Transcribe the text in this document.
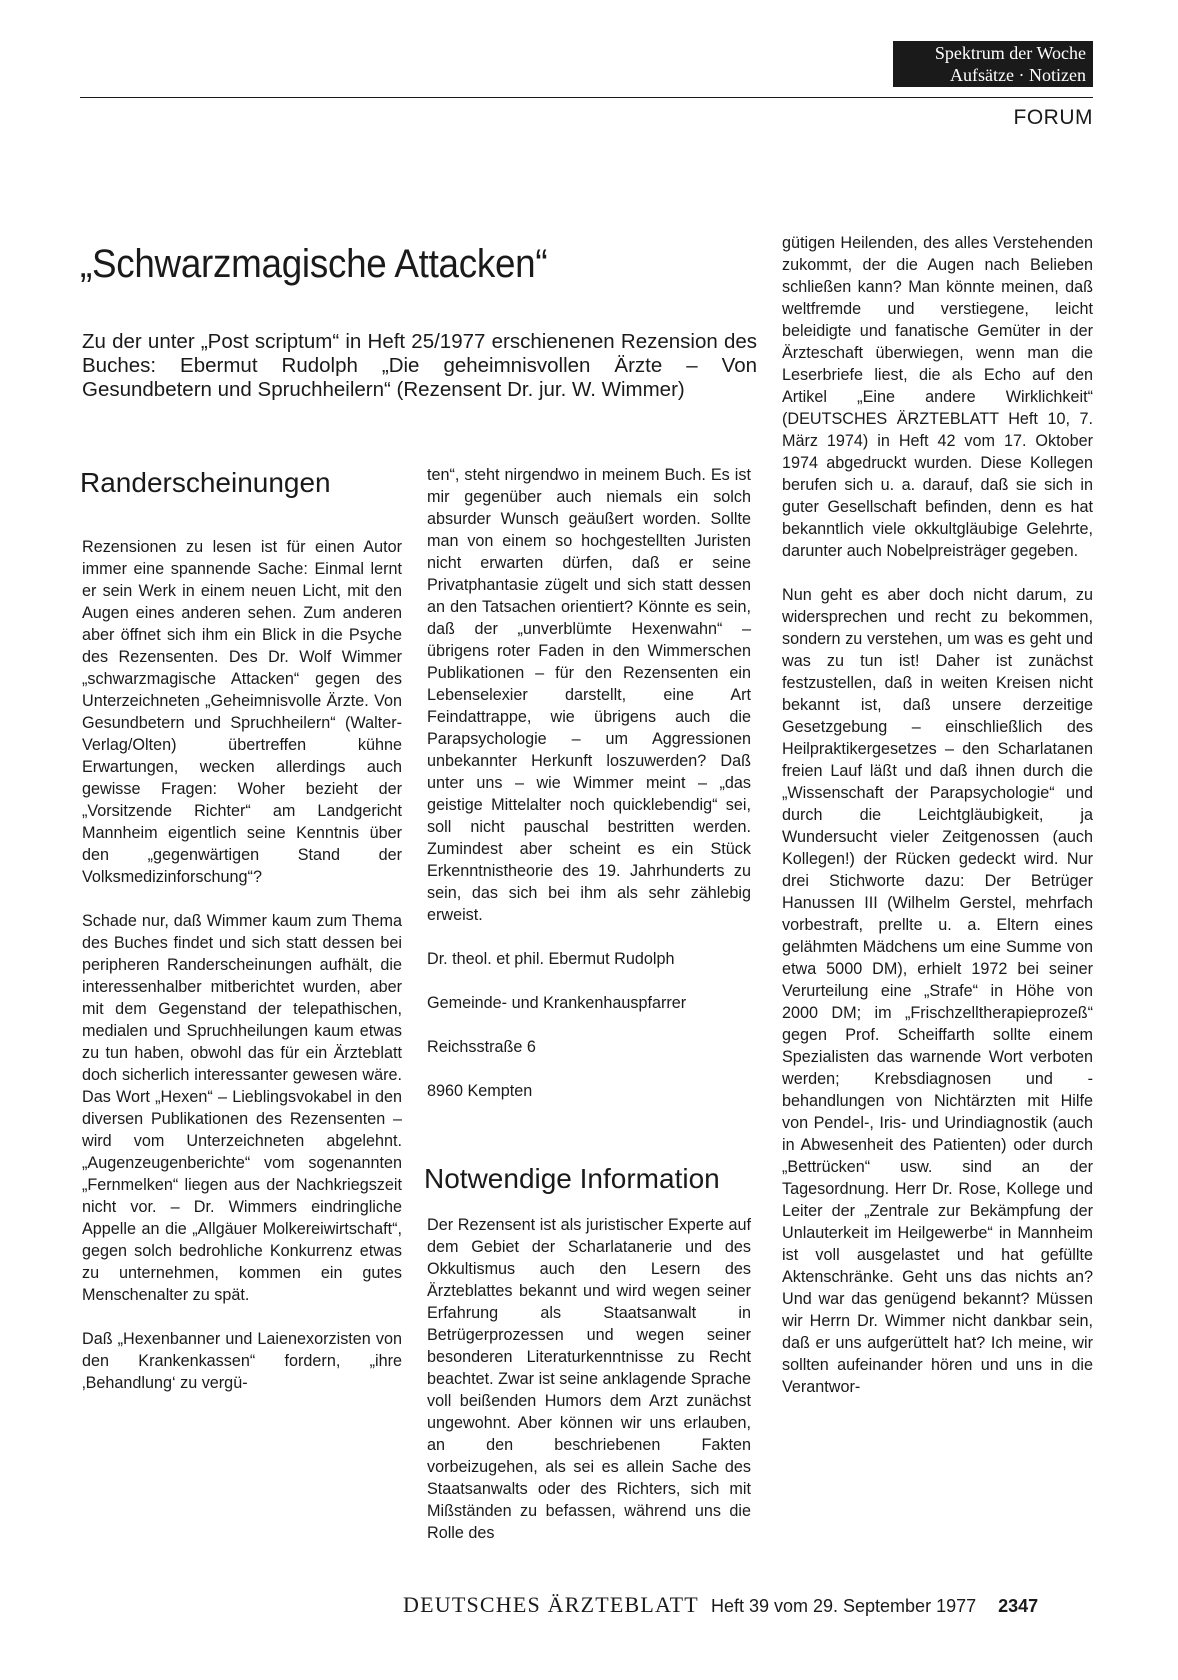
Spektrum der Woche
Aufsätze · Notizen
FORUM
„Schwarzmagische Attacken“

Zu der unter „Post scriptum“ in Heft 25/1977 erschienenen Rezension des Buches: Ebermut Rudolph „Die geheimnisvollen Ärzte – Von Gesundbetern und Spruchheilern“ (Rezensent Dr. jur. W. Wimmer)

Randerscheinungen

Rezensionen zu lesen ist für einen Autor immer eine spannende Sache: Einmal lernt er sein Werk in einem neuen Licht, mit den Augen eines anderen sehen. Zum anderen aber öffnet sich ihm ein Blick in die Psyche des Rezensenten. Des Dr. Wolf Wimmer „schwarzmagische Attacken“ gegen des Unterzeichneten „Geheimnisvolle Ärzte. Von Gesundbetern und Spruchheilern“ (Walter-Verlag/Olten) übertreffen kühne Erwartungen, wecken allerdings auch gewisse Fragen: Woher bezieht der „Vorsitzende Richter“ am Landgericht Mannheim eigentlich seine Kenntnis über den „gegenwärtigen Stand der Volksmedizinforschung“?

Schade nur, daß Wimmer kaum zum Thema des Buches findet und sich statt dessen bei peripheren Randerscheinungen aufhält, die interessenhalber mitberichtet wurden, aber mit dem Gegenstand der telepathischen, medialen und Spruchheilungen kaum etwas zu tun haben, obwohl das für ein Ärzteblatt doch sicherlich interessanter gewesen wäre. Das Wort „Hexen“ – Lieblingsvokabel in den diversen Publikationen des Rezensenten – wird vom Unterzeichneten abgelehnt. „Augenzeugenberichte“ vom sogenannten „Fernmelken“ liegen aus der Nachkriegszeit nicht vor. – Dr. Wimmers eindringliche Appelle an die „Allgäuer Molkereiwirtschaft“, gegen solch bedrohliche Konkurrenz etwas zu unternehmen, kommen ein gutes Menschenalter zu spät.

Daß „Hexenbanner und Laienexorzisten von den Krankenkassen“ fordern, „ihre ‚Behandlung‘ zu vergü-

ten“, steht nirgendwo in meinem Buch. Es ist mir gegenüber auch niemals ein solch absurder Wunsch geäußert worden. Sollte man von einem so hochgestellten Juristen nicht erwarten dürfen, daß er seine Privatphantasie zügelt und sich statt dessen an den Tatsachen orientiert? Könnte es sein, daß der „unverblümte Hexenwahn“ – übrigens roter Faden in den Wimmerschen Publikationen – für den Rezensenten ein Lebenselexier darstellt, eine Art Feindattrappe, wie übrigens auch die Parapsychologie – um Aggressionen unbekannter Herkunft loszuwerden? Daß unter uns – wie Wimmer meint – „das geistige Mittelalter noch quicklebendig“ sei, soll nicht pauschal bestritten werden. Zumindest aber scheint es ein Stück Erkenntnistheorie des 19. Jahrhunderts zu sein, das sich bei ihm als sehr zählebig erweist.

Dr. theol. et phil. Ebermut Rudolph

Gemeinde- und Krankenhauspfarrer

Reichsstraße 6

8960 Kempten

Notwendige Information

Der Rezensent ist als juristischer Experte auf dem Gebiet der Scharlatanerie und des Okkultismus auch den Lesern des Ärzteblattes bekannt und wird wegen seiner Erfahrung als Staatsanwalt in Betrügerprozessen und wegen seiner besonderen Literaturkenntnisse zu Recht beachtet. Zwar ist seine anklagende Sprache voll beißenden Humors dem Arzt zunächst ungewohnt. Aber können wir uns erlauben, an den beschriebenen Fakten vorbeizugehen, als sei es allein Sache des Staatsanwalts oder des Richters, sich mit Mißständen zu befassen, während uns die Rolle des

gütigen Heilenden, des alles Verstehenden zukommt, der die Augen nach Belieben schließen kann? Man könnte meinen, daß weltfremde und verstiegene, leicht beleidigte und fanatische Gemüter in der Ärzteschaft überwiegen, wenn man die Leserbriefe liest, die als Echo auf den Artikel „Eine andere Wirklichkeit“ (DEUTSCHES ÄRZTEBLATT Heft 10, 7. März 1974) in Heft 42 vom 17. Oktober 1974 abgedruckt wurden. Diese Kollegen berufen sich u. a. darauf, daß sie sich in guter Gesellschaft befinden, denn es hat bekanntlich viele okkultgläubige Gelehrte, darunter auch Nobelpreisträger gegeben.

Nun geht es aber doch nicht darum, zu widersprechen und recht zu bekommen, sondern zu verstehen, um was es geht und was zu tun ist! Daher ist zunächst festzustellen, daß in weiten Kreisen nicht bekannt ist, daß unsere derzeitige Gesetzgebung – einschließlich des Heilpraktikergesetzes – den Scharlatanen freien Lauf läßt und daß ihnen durch die „Wissenschaft der Parapsychologie“ und durch die Leichtgläubigkeit, ja Wundersucht vieler Zeitgenossen (auch Kollegen!) der Rücken gedeckt wird. Nur drei Stichworte dazu: Der Betrüger Hanussen III (Wilhelm Gerstel, mehrfach vorbestraft, prellte u. a. Eltern eines gelähmten Mädchens um eine Summe von etwa 5000 DM), erhielt 1972 bei seiner Verurteilung eine „Strafe“ in Höhe von 2000 DM; im „Frischzelltherapieprozeß“ gegen Prof. Scheiffarth sollte einem Spezialisten das warnende Wort verboten werden; Krebsdiagnosen und -behandlungen von Nichtärzten mit Hilfe von Pendel-, Iris- und Urindiagnostik (auch in Abwesenheit des Patienten) oder durch „Bettrücken“ usw. sind an der Tagesordnung. Herr Dr. Rose, Kollege und Leiter der „Zentrale zur Bekämpfung der Unlauterkeit im Heilgewerbe“ in Mannheim ist voll ausgelastet und hat gefüllte Aktenschränke. Geht uns das nichts an? Und war das genügend bekannt? Müssen wir Herrn Dr. Wimmer nicht dankbar sein, daß er uns aufgerüttelt hat? Ich meine, wir sollten aufeinander hören und uns in die Verantwor-

DEUTSCHES ÄRZTEBLATT Heft 39 vom 29. September 1977 2347
